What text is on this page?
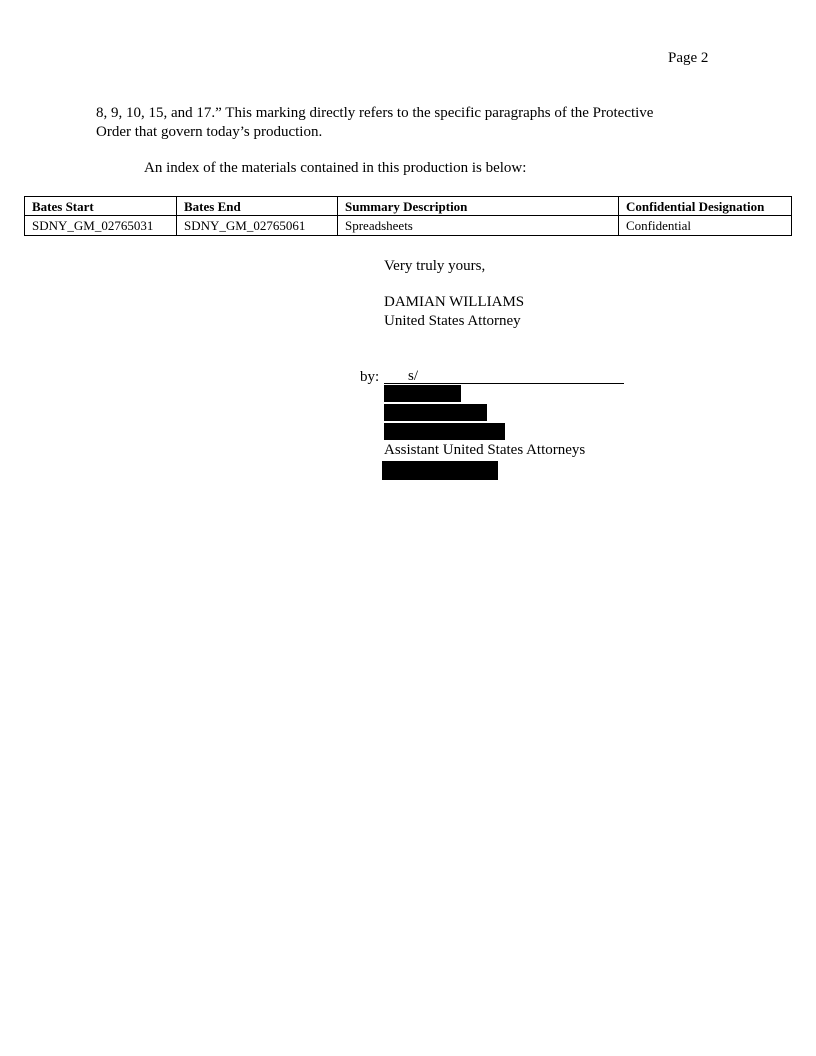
Page 2
8, 9, 10, 15, and 17.” This marking directly refers to the specific paragraphs of the Protective
Order that govern today’s production.
An index of the materials contained in this production is below:
Bates Start	Bates End	Summary Description	Confidential Designation
SDNY_GM_02765031	SDNY_GM_02765061	Spreadsheets	Confidential
Very truly yours,
DAMIAN WILLIAMS
United States Attorney
by: s/
Assistant United States Attorneys
